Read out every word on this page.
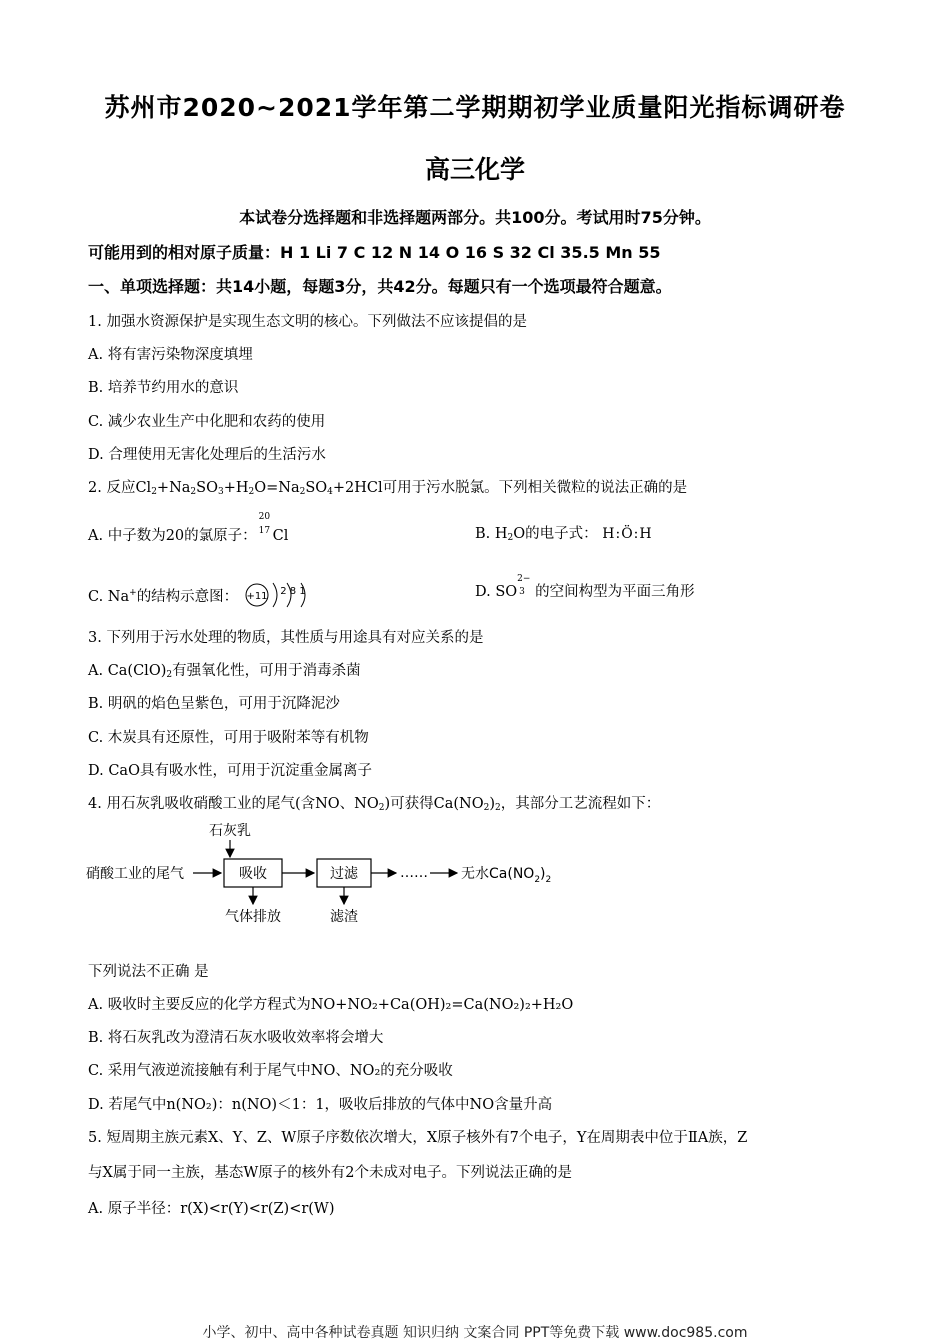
苏州市2020~2021学年第二学期期初学业质量阳光指标调研卷
高三化学
本试卷分选择题和非选择题两部分。共100分。考试用时75分钟。
可能用到的相对原子质量：H 1 Li 7 C 12 N 14 O 16 S 32 Cl 35.5 Mn 55
一、单项选择题：共14小题，每题3分，共42分。每题只有一个选项最符合题意。
1. 加强水资源保护是实现生态文明的核心。下列做法不应该提倡的是
A. 将有害污染物深度填埋
B. 培养节约用水的意识
C. 减少农业生产中化肥和农药的使用
D. 合理使用无害化处理后的生活污水
2. 反应$Cl_2+Na_2SO_3+H_2O=Na_2SO_4+2HCl$可用于污水脱氯。下列相关微粒的说法正确的是
A. 中子数为20的氯原子：
20
17 Cl	B. $H_2O$的电子式： H:Ö:H
C. Na+的结构示意图： +11 2 8 1	D. SO
2−
3 的空间构型为平面三角形
3. 下列用于污水处理的物质，其性质与用途具有对应关系的是
A. $Ca(ClO)_2$有强氧化性，可用于消毒杀菌
B. 明矾的焰色呈紫色，可用于沉降泥沙
C. 木炭具有还原性，可用于吸附苯等有机物
D. CaO具有吸水性，可用于沉淀重金属离子
4. 用石灰乳吸收硝酸工业的尾气(含NO、$NO_2$)可获得$Ca(NO_2)_2$，其部分工艺流程如下：
石灰乳
硝酸工业的尾气	吸收	过滤	…… 无水$Ca(NO_2)_2$
气体排放	滤渣
下列说法不正确 是
A. 吸收时主要反应的化学方程式为NO+NO₂+Ca(OH)₂=Ca(NO₂)₂+H₂O
B. 将石灰乳改为澄清石灰水吸收效率将会增大
C. 采用气液逆流接触有利于尾气中NO、NO₂的充分吸收
D. 若尾气中n(NO₂)：n(NO)＜1：1，吸收后排放的气体中NO含量升高
5. 短周期主族元素X、Y、Z、W原子序数依次增大，X原子核外有7个电子，Y在周期表中位于ⅡA族，Z
与X属于同一主族，基态W原子的核外有2个未成对电子。下列说法正确的是
A. 原子半径：r(X)<r(Y)<r(Z)<r(W)
小学、初中、高中各种试卷真题 知识归纳 文案合同 PPT等免费下载 www.doc985.com
